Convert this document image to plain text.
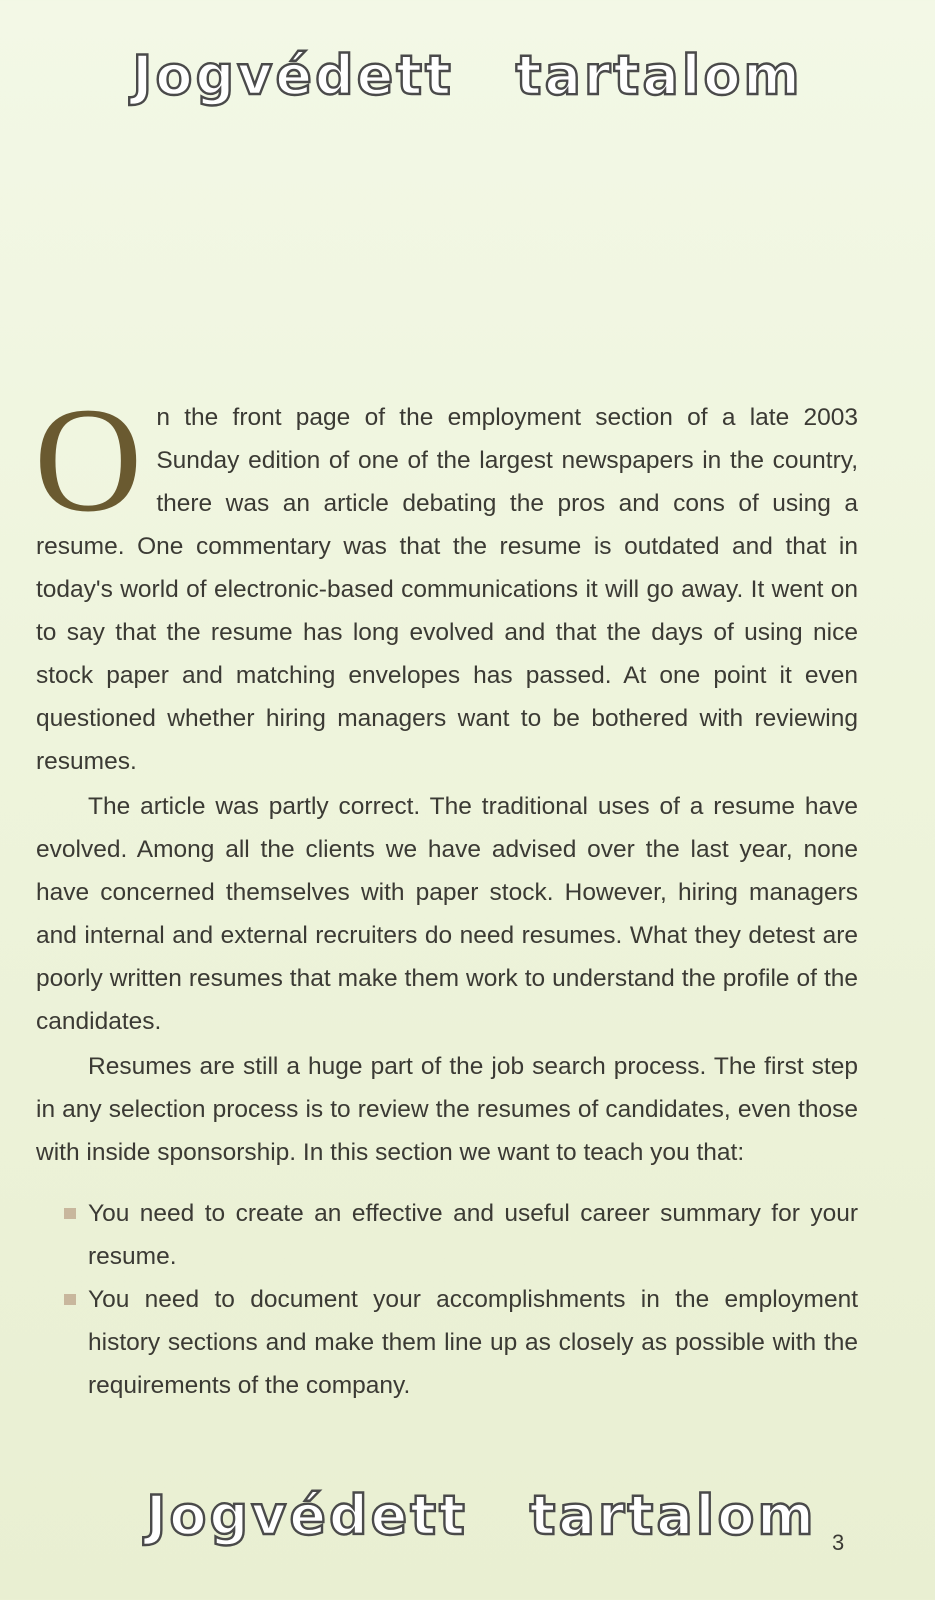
Jogvédett tartalom

On the front page of the employment section of a late 2003 Sunday edition of one of the largest newspapers in the country, there was an article debating the pros and cons of using a resume. One commentary was that the resume is outdated and that in today's world of electronic-based communications it will go away. It went on to say that the resume has long evolved and that the days of using nice stock paper and matching envelopes has passed. At one point it even questioned whether hiring managers want to be bothered with reviewing resumes.

The article was partly correct. The traditional uses of a resume have evolved. Among all the clients we have advised over the last year, none have concerned themselves with paper stock. However, hiring managers and internal and external recruiters do need resumes. What they detest are poorly written resumes that make them work to understand the profile of the candidates.

Resumes are still a huge part of the job search process. The first step in any selection process is to review the resumes of candidates, even those with inside sponsorship. In this section we want to teach you that:

You need to create an effective and useful career summary for your resume.
You need to document your accomplishments in the employment history sections and make them line up as closely as possible with the requirements of the company.
Jogvédett tartalom 3
